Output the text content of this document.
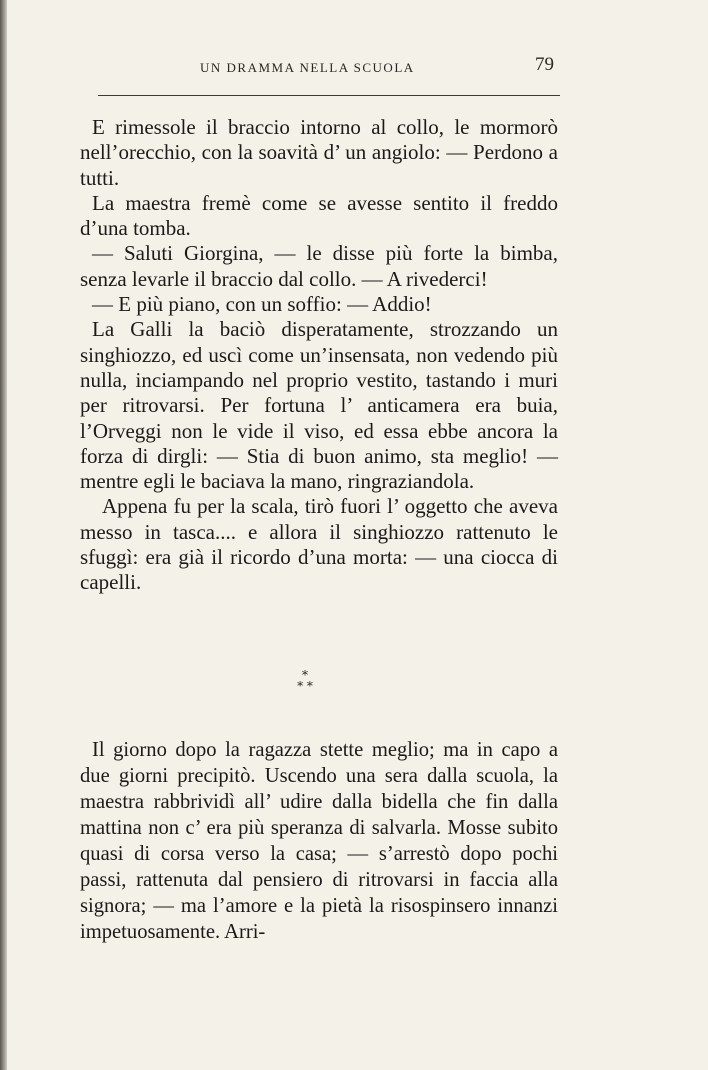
UN DRAMMA NELLA SCUOLA	79

E rimessole il braccio intorno al collo, le mormorò nell’orecchio, con la soavità d’ un angiolo: — Perdono a tutti.

La maestra fremè come se avesse sentito il freddo d’una tomba.

— Saluti Giorgina, — le disse più forte la bimba, senza levarle il braccio dal collo. — A rivederci!

— E più piano, con un soffio: — Addio!

La Galli la baciò disperatamente, strozzando un singhiozzo, ed uscì come un’insensata, non vedendo più nulla, inciampando nel proprio vestito, tastando i muri per ritrovarsi. Per fortuna l’ anticamera era buia, l’Orveggi non le vide il viso, ed essa ebbe ancora la forza di dirgli: — Stia di buon animo, sta meglio! — mentre egli le baciava la mano, ringraziandola.

Appena fu per la scala, tirò fuori l’ oggetto che aveva messo in tasca.... e allora il singhiozzo rattenuto le sfuggì: era già il ricordo d’una morta: — una ciocca di capelli.

*
* *

Il giorno dopo la ragazza stette meglio; ma in capo a due giorni precipitò. Uscendo una sera dalla scuola, la maestra rabbrividì all’ udire dalla bidella che fin dalla mattina non c’ era più speranza di salvarla. Mosse subito quasi di corsa verso la casa; — s’arrestò dopo pochi passi, rattenuta dal pensiero di ritrovarsi in faccia alla signora; — ma l’amore e la pietà la risospinsero innanzi impetuosamente. Arri-
